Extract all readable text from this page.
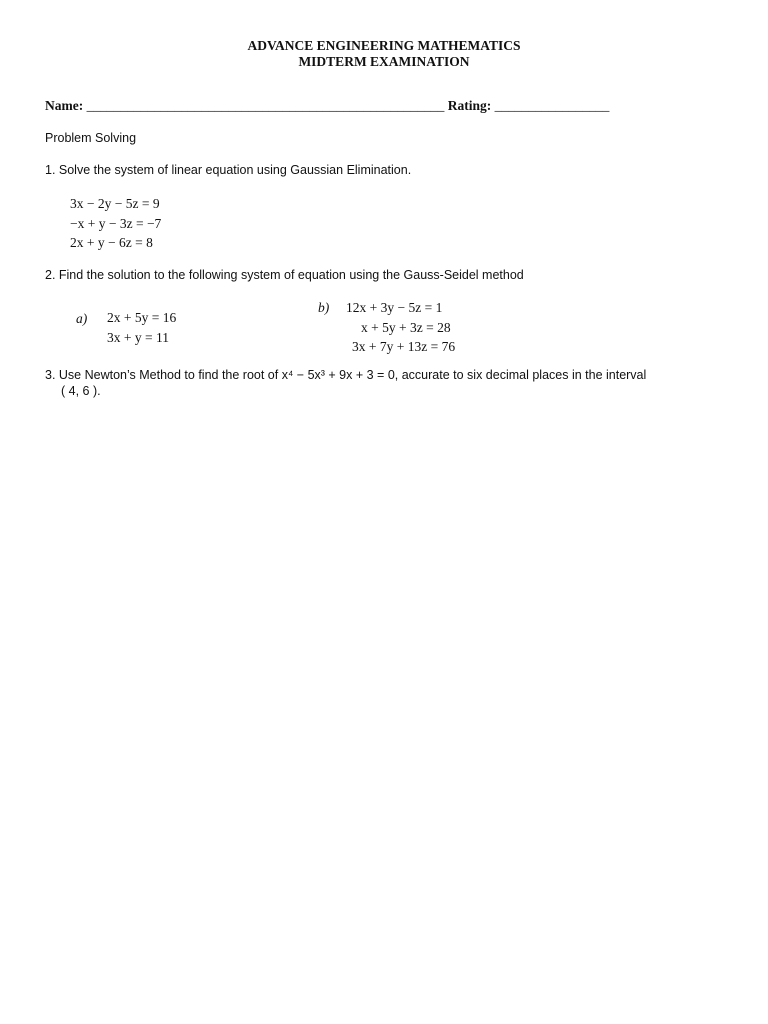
ADVANCE ENGINEERING MATHEMATICS
MIDTERM EXAMINATION
Name: _____________________________________________________ Rating: _________________
Problem Solving
1. Solve the system of linear equation using Gaussian Elimination.
3x − 2y − 5z = 9
−x + y − 3z = −7
2x + y − 6z = 8
2. Find the solution to the following system of equation using the Gauss-Seidel method
a) 2x + 5y = 16
3x + y = 11
b) 12x + 3y − 5z = 1
x + 5y + 3z = 28
3x + 7y + 13z = 76
3. Use Newton’s Method to find the root of x⁴ − 5x³ + 9x + 3 = 0, accurate to six decimal places in the interval
( 4, 6 ).
